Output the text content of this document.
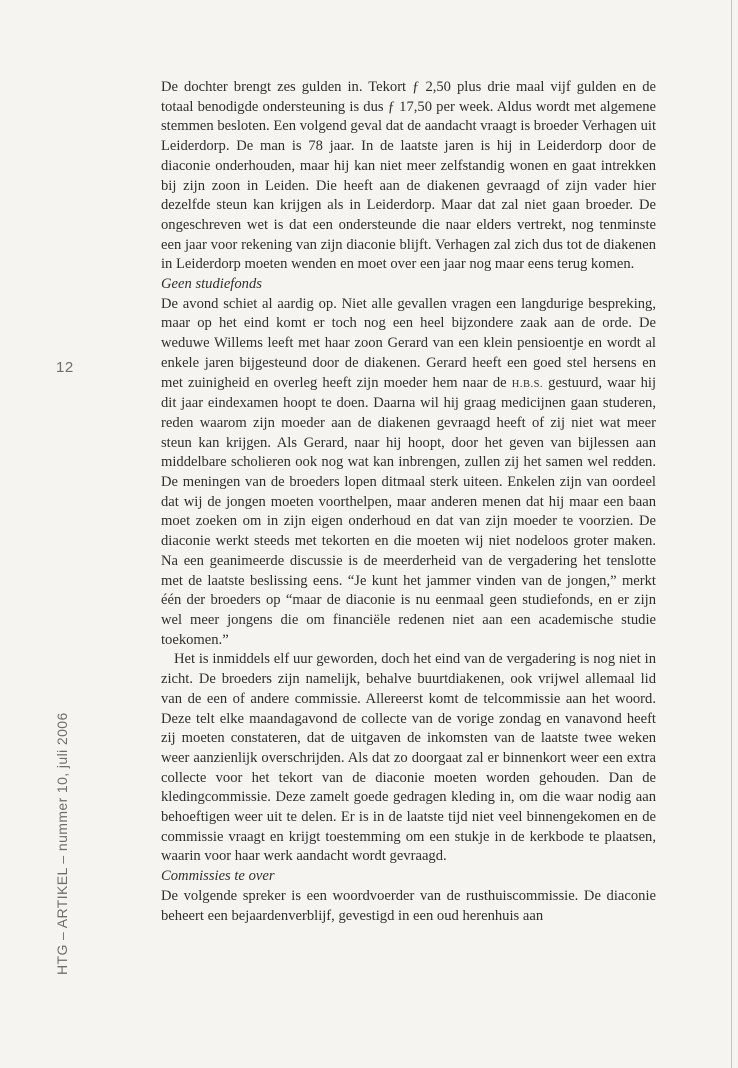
12
HTG – ARTIKEL – nummer 10, juli 2006

De dochter brengt zes gulden in. Tekort ƒ 2,50 plus drie maal vijf gulden en de totaal benodigde ondersteuning is dus ƒ 17,50 per week. Aldus wordt met algemene stemmen besloten. Een volgend geval dat de aandacht vraagt is broeder Verhagen uit Leiderdorp. De man is 78 jaar. In de laatste jaren is hij in Leiderdorp door de diaconie onderhouden, maar hij kan niet meer zelfstandig wonen en gaat intrekken bij zijn zoon in Leiden. Die heeft aan de diakenen gevraagd of zijn vader hier dezelfde steun kan krijgen als in Leiderdorp. Maar dat zal niet gaan broeder. De ongeschreven wet is dat een ondersteunde die naar elders vertrekt, nog tenminste een jaar voor rekening van zijn diaconie blijft. Verhagen zal zich dus tot de diakenen in Leiderdorp moeten wenden en moet over een jaar nog maar eens terug komen.

Geen studiefonds

De avond schiet al aardig op. Niet alle gevallen vragen een langdurige bespreking, maar op het eind komt er toch nog een heel bijzondere zaak aan de orde. De weduwe Willems leeft met haar zoon Gerard van een klein pensioentje en wordt al enkele jaren bijgesteund door de diakenen. Gerard heeft een goed stel hersens en met zuinigheid en overleg heeft zijn moeder hem naar de H.B.S. gestuurd, waar hij dit jaar eindexamen hoopt te doen. Daarna wil hij graag medicijnen gaan studeren, reden waarom zijn moeder aan de diakenen gevraagd heeft of zij niet wat meer steun kan krijgen. Als Gerard, naar hij hoopt, door het geven van bijlessen aan middelbare scholieren ook nog wat kan inbrengen, zullen zij het samen wel redden. De meningen van de broeders lopen ditmaal sterk uiteen. Enkelen zijn van oordeel dat wij de jongen moeten voorthelpen, maar anderen menen dat hij maar een baan moet zoeken om in zijn eigen onderhoud en dat van zijn moeder te voorzien. De diaconie werkt steeds met tekorten en die moeten wij niet nodeloos groter maken. Na een geanimeerde discussie is de meerderheid van de vergadering het tenslotte met de laatste beslissing eens. “Je kunt het jammer vinden van de jongen,” merkt één der broeders op “maar de diaconie is nu eenmaal geen studiefonds, en er zijn wel meer jongens die om financiële redenen niet aan een academische studie toekomen.”

Het is inmiddels elf uur geworden, doch het eind van de vergadering is nog niet in zicht. De broeders zijn namelijk, behalve buurtdiakenen, ook vrijwel allemaal lid van de een of andere commissie. Allereerst komt de telcommissie aan het woord. Deze telt elke maandagavond de collecte van de vorige zondag en vanavond heeft zij moeten constateren, dat de uitgaven de inkomsten van de laatste twee weken weer aanzienlijk overschrijden. Als dat zo doorgaat zal er binnenkort weer een extra collecte voor het tekort van de diaconie moeten worden gehouden. Dan de kledingcommissie. Deze zamelt goede gedragen kleding in, om die waar nodig aan behoeftigen weer uit te delen. Er is in de laatste tijd niet veel binnengekomen en de commissie vraagt en krijgt toestemming om een stukje in de kerkbode te plaatsen, waarin voor haar werk aandacht wordt gevraagd.

Commissies te over

De volgende spreker is een woordvoerder van de rusthuiscommissie. De diaconie beheert een bejaardenverblijf, gevestigd in een oud herenhuis aan
